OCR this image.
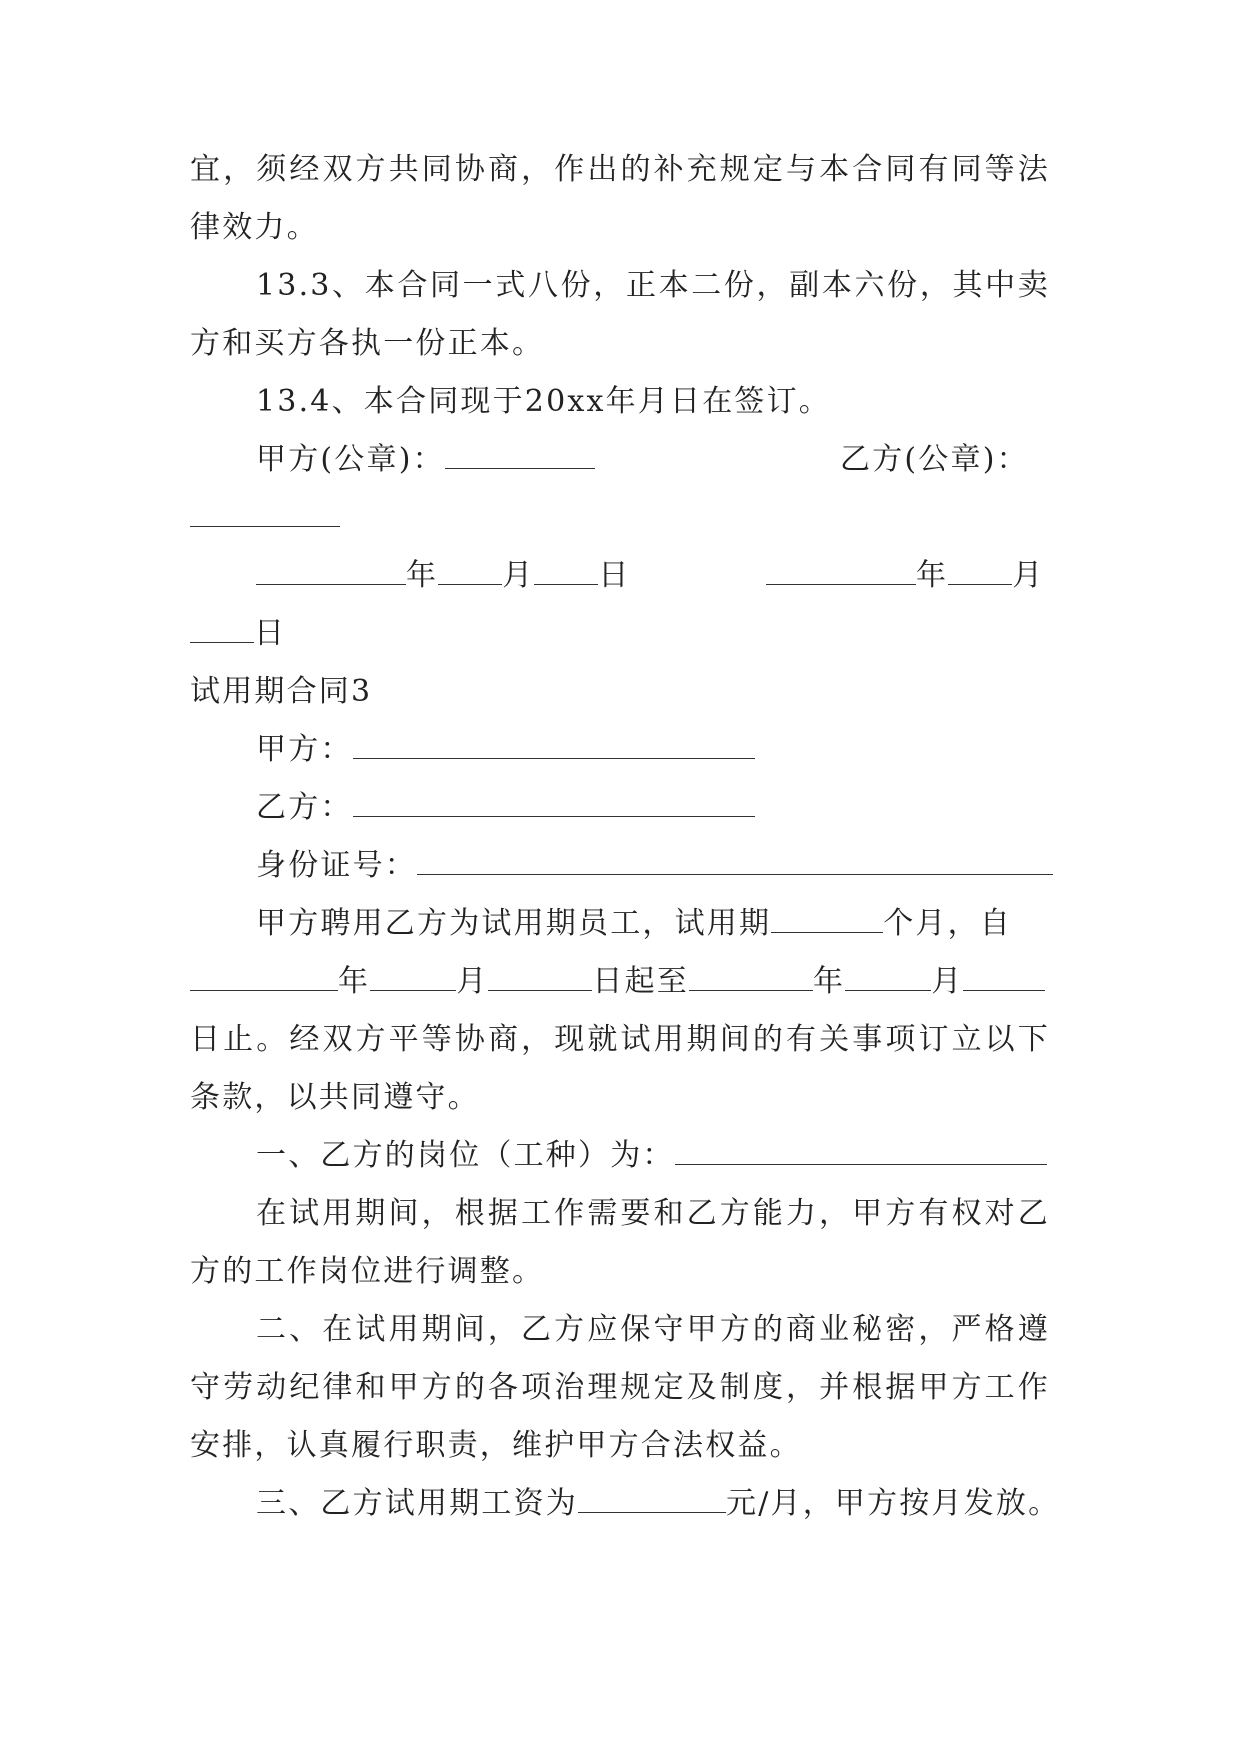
宜，须经双方共同协商，作出的补充规定与本合同有同等法
律效力。
13.3、本合同一式八份，正本二份，副本六份，其中卖
方和买方各执一份正本。
13.4、本合同现于20xx年月日在签订。
甲方(公章)：	乙方(公章)：
年 月 日	年 月
日
试用期合同3
甲方：
乙方：
身份证号：
甲方聘用乙方为试用期员工，试用期	个月，自
年	月	日起至	年	月
日止。经双方平等协商，现就试用期间的有关事项订立以下
条款，以共同遵守。
一、乙方的岗位（工种）为：
在试用期间，根据工作需要和乙方能力，甲方有权对乙
方的工作岗位进行调整。
二、在试用期间，乙方应保守甲方的商业秘密，严格遵
守劳动纪律和甲方的各项治理规定及制度，并根据甲方工作
安排，认真履行职责，维护甲方合法权益。
三、乙方试用期工资为	元/月，甲方按月发放。
